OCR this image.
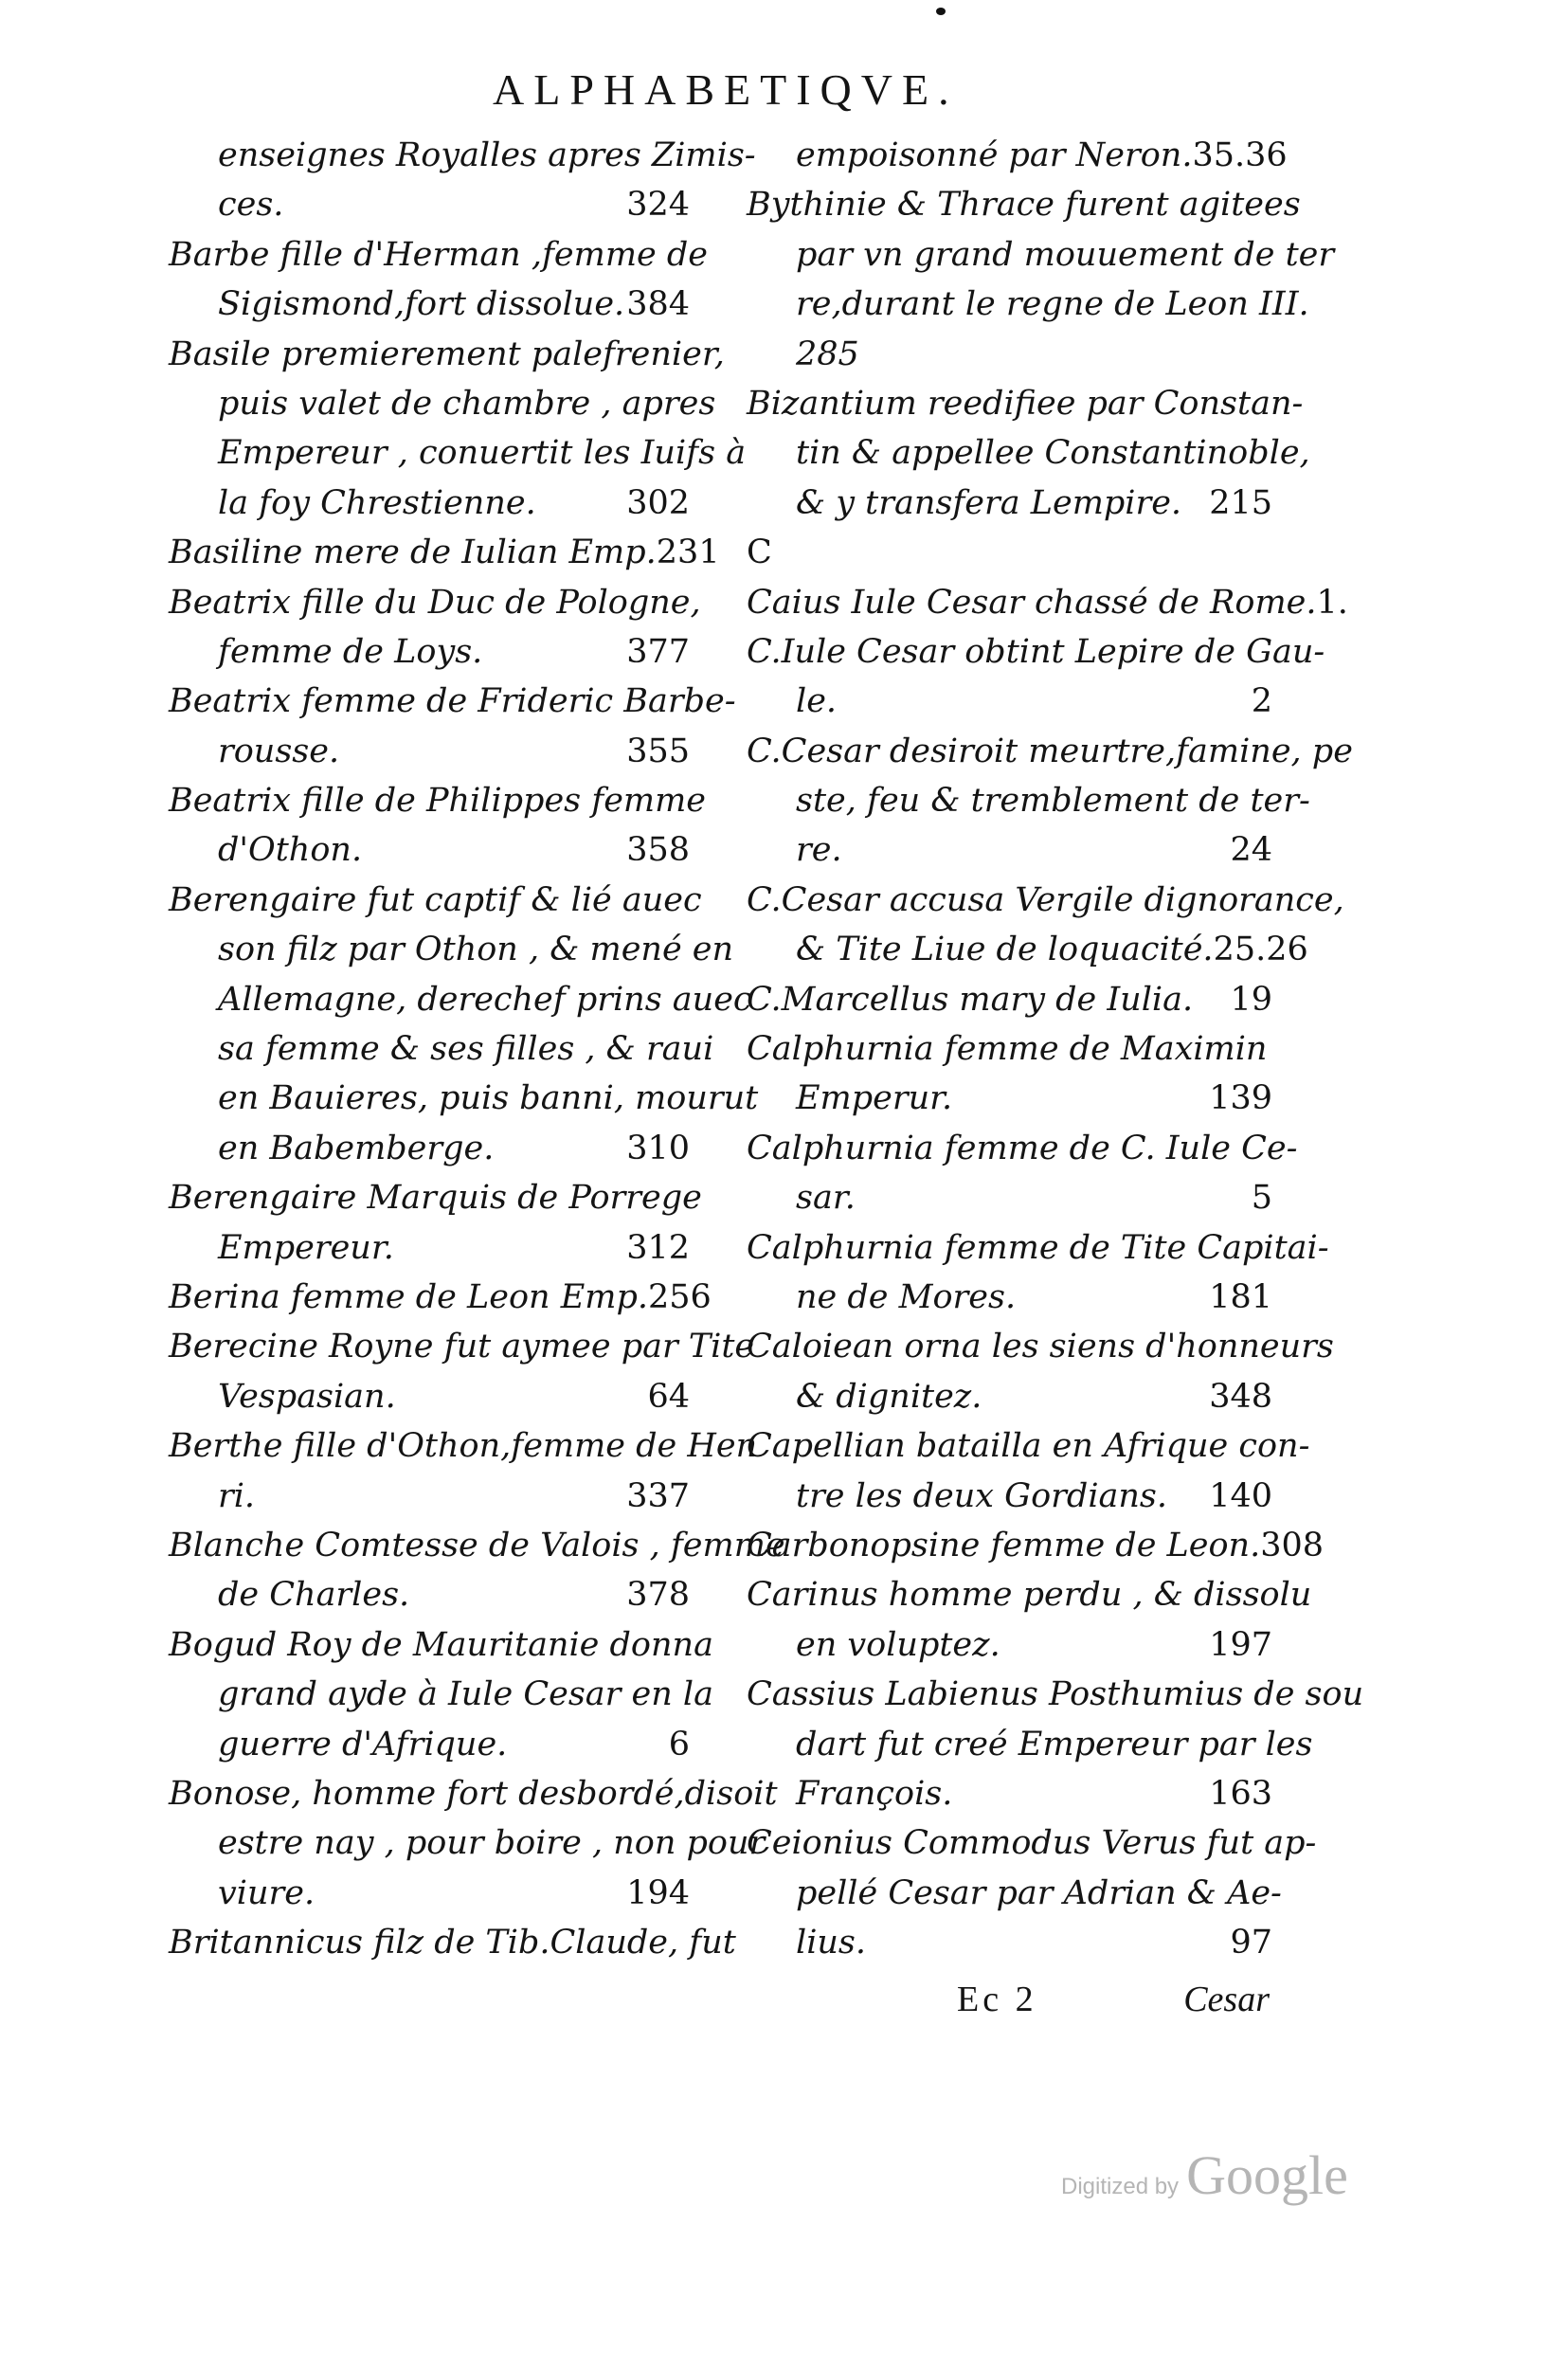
ALPHABETIQVE.
enseignes Royalles apres Zimis-
ces.	324
Barbe fille d'Herman ,femme de
Sigismond,fort dissolue. 384
Basile premierement palefrenier,
puis valet de chambre , apres
Empereur , conuertit les Iuifs à
la foy Chrestienne.	302
Basiline mere de Iulian Emp. 231
Beatrix fille du Duc de Pologne,
femme de Loys.	377
Beatrix femme de Frideric Barbe-
rousse.	355
Beatrix fille de Philippes femme
d'Othon.	358
Berengaire fut captif & lié auec
son filz par Othon , & mené en
Allemagne, derechef prins auec
sa femme & ses filles , & raui
en Bauieres, puis banni, mourut
en Babemberge.	310
Berengaire Marquis de Porrege
Empereur.	312
Berina femme de Leon Emp. 256
Berecine Royne fut aymee par Tite
Vespasian.	64
Berthe fille d'Othon,femme de Hen
ri.	337
Blanche Comtesse de Valois , femme
de Charles.	378
Bogud Roy de Mauritanie donna
grand ayde à Iule Cesar en la
guerre d'Afrique.	6
Bonose, homme fort desbordé,disoit
estre nay , pour boire , non pour
viure.	194
Britannicus filz de Tib.Claude, fut
empoisonné par Neron. 35.36
Bythinie & Thrace furent agitees
par vn grand mouuement de ter
re,durant le regne de Leon III.
285
Bizantium reedifiee par Constan-
tin & appellee Constantinoble,
& y transfera Lempire. 215
C
Caius Iule Cesar chassé de Rome. 1.
C.Iule Cesar obtint Lepire de Gau-
le.	2
C.Cesar desiroit meurtre,famine, pe
ste, feu & tremblement de ter-
re.	24
C.Cesar accusa Vergile dignorance,
& Tite Liue de loquacité. 25.26
C.Marcellus mary de Iulia.	19
Calphurnia femme de Maximin
Emperur.	139
Calphurnia femme de C. Iule Ce-
sar.	5
Calphurnia femme de Tite Capitai-
ne de Mores.	181
Caloiean orna les siens d'honneurs
& dignitez.	348
Capellian batailla en Afrique con-
tre les deux Gordians.	140
Carbonopsine femme de Leon. 308
Carinus homme perdu , & dissolu
en voluptez.	197
Cassius Labienus Posthumius de sou
dart fut creé Empereur par les
François.	163
Ceionius Commodus Verus fut ap-
pellé Cesar par Adrian & Ae-
lius.	97
Ec 2	Cesar
Digitized by Google
